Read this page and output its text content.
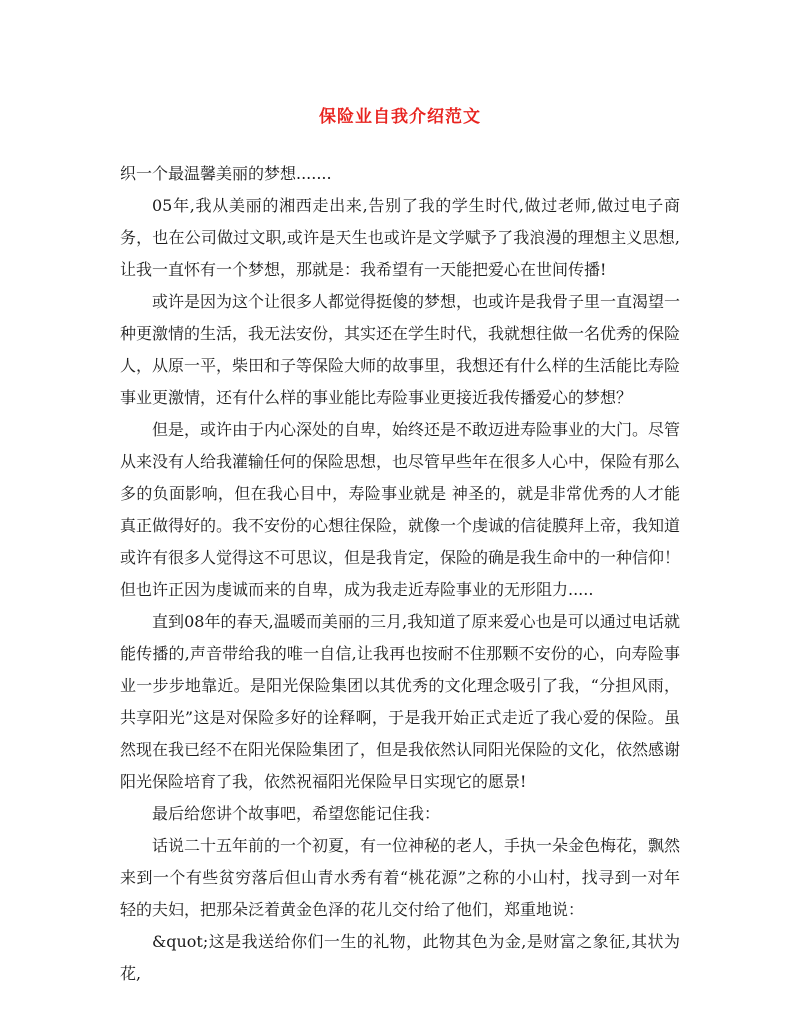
保险业自我介绍范文

织一个最温馨美丽的梦想.......

05年,我从美丽的湘西走出来,告别了我的学生时代,做过老师,做过电子商务，也在公司做过文职,或许是天生也或许是文学赋予了我浪漫的理想主义思想,让我一直怀有一个梦想，那就是：我希望有一天能把爱心在世间传播!

或许是因为这个让很多人都觉得挺傻的梦想，也或许是我骨子里一直渴望一种更激情的生活，我无法安份，其实还在学生时代，我就想往做一名优秀的保险人，从原一平，柴田和子等保险大师的故事里，我想还有什么样的生活能比寿险事业更激情，还有什么样的事业能比寿险事业更接近我传播爱心的梦想？

但是，或许由于内心深处的自卑，始终还是不敢迈进寿险事业的大门。尽管从来没有人给我灌输任何的保险思想，也尽管早些年在很多人心中，保险有那么多的负面影响，但在我心目中，寿险事业就是 神圣的，就是非常优秀的人才能真正做得好的。我不安份的心想往保险，就像一个虔诚的信徒膜拜上帝，我知道或许有很多人觉得这不可思议，但是我肯定，保险的确是我生命中的一种信仰！但也许正因为虔诚而来的自卑，成为我走近寿险事业的无形阻力.....

直到08年的春天,温暖而美丽的三月,我知道了原来爱心也是可以通过电话就能传播的,声音带给我的唯一自信,让我再也按耐不住那颗不安份的心，向寿险事业一步步地靠近。是阳光保险集团以其优秀的文化理念吸引了我，“分担风雨，共享阳光”这是对保险多好的诠释啊，于是我开始正式走近了我心爱的保险。虽然现在我已经不在阳光保险集团了，但是我依然认同阳光保险的文化，依然感谢阳光保险培育了我，依然祝福阳光保险早日实现它的愿景!

最后给您讲个故事吧，希望您能记住我：

话说二十五年前的一个初夏，有一位神秘的老人，手执一朵金色梅花，飘然来到一个有些贫穷落后但山青水秀有着“桃花源”之称的小山村，找寻到一对年轻的夫妇，把那朵泛着黄金色泽的花儿交付给了他们，郑重地说：

&quot;这是我送给你们一生的礼物，此物其色为金,是财富之象征,其状为花,
